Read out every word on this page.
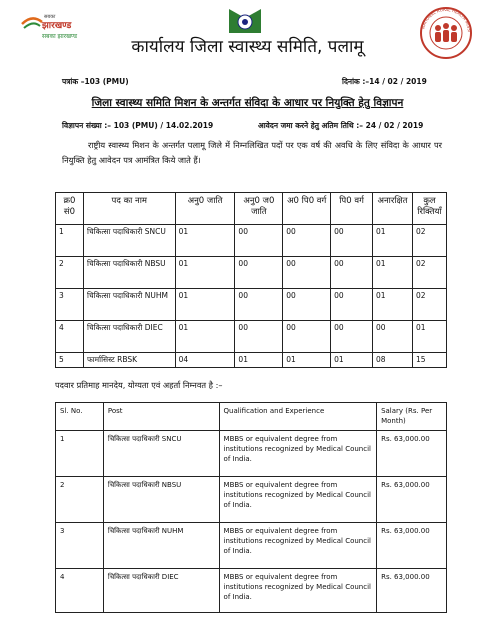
सबका
झारखण्ड
सबका झारखण्ड
NATIONAL RURAL HEALTH MISSI
कार्यालय जिला स्वास्थ्य समिति, पलामू
पत्रांक –103 (PMU)	दिनांक :–14 / 02 / 2019
जिला स्वास्थ्य समिति मिशन के अन्तर्गत संविदा के आधार पर नियुक्ति हेतु विज्ञापन
विज्ञापन संख्या :– 103 (PMU) / 14.02.2019	आवेदन जमा करने हेतु अतिम तिथि :– 24 / 02 / 2019
राष्ट्रीय स्वास्थ्य मिशन के अन्तर्गत पलामू जिले में निम्नलिखित पदों पर एक वर्ष की अवधि के लिए संविदा के आधार पर नियुक्ति हेतु आवेदन पत्र आमंत्रित किये जाते हैं।
क्र0 सं0	पद का नाम	अनु0 जाति	अनु0 ज0 जाति	अ0 पि0 वर्ग	पि0 वर्ग	अनारक्षित	कुल रिक्तियाँ
1	चिकित्सा पदाधिकारी SNCU	01	00	00	00	01	02
2	चिकित्सा पदाधिकारी NBSU	01	00	00	00	01	02
3	चिकित्सा पदाधिकारी NUHM	01	00	00	00	01	02
4	चिकित्सा पदाधिकारी DIEC	01	00	00	00	00	01
5	फार्मासिस्ट RBSK	04	01	01	01	08	15
पदवार प्रतिमाह मानदेय, योग्यता एवं अहर्ता निम्नवत है :–
Sl. No.	Post	Qualification and Experience	Salary (Rs. Per Month)
1	चिकित्सा पदाधिकारी SNCU	MBBS or equivalent degree from institutions recognized by Medical Council of India.	Rs. 63,000.00
2	चिकित्सा पदाधिकारी NBSU	MBBS or equivalent degree from institutions recognized by Medical Council of India.	Rs. 63,000.00
3	चिकित्सा पदाधिकारी NUHM	MBBS or equivalent degree from institutions recognized by Medical Council of India.	Rs. 63,000.00
4	चिकित्सा पदाधिकारी DIEC	MBBS or equivalent degree from institutions recognized by Medical Council of India.	Rs. 63,000.00
